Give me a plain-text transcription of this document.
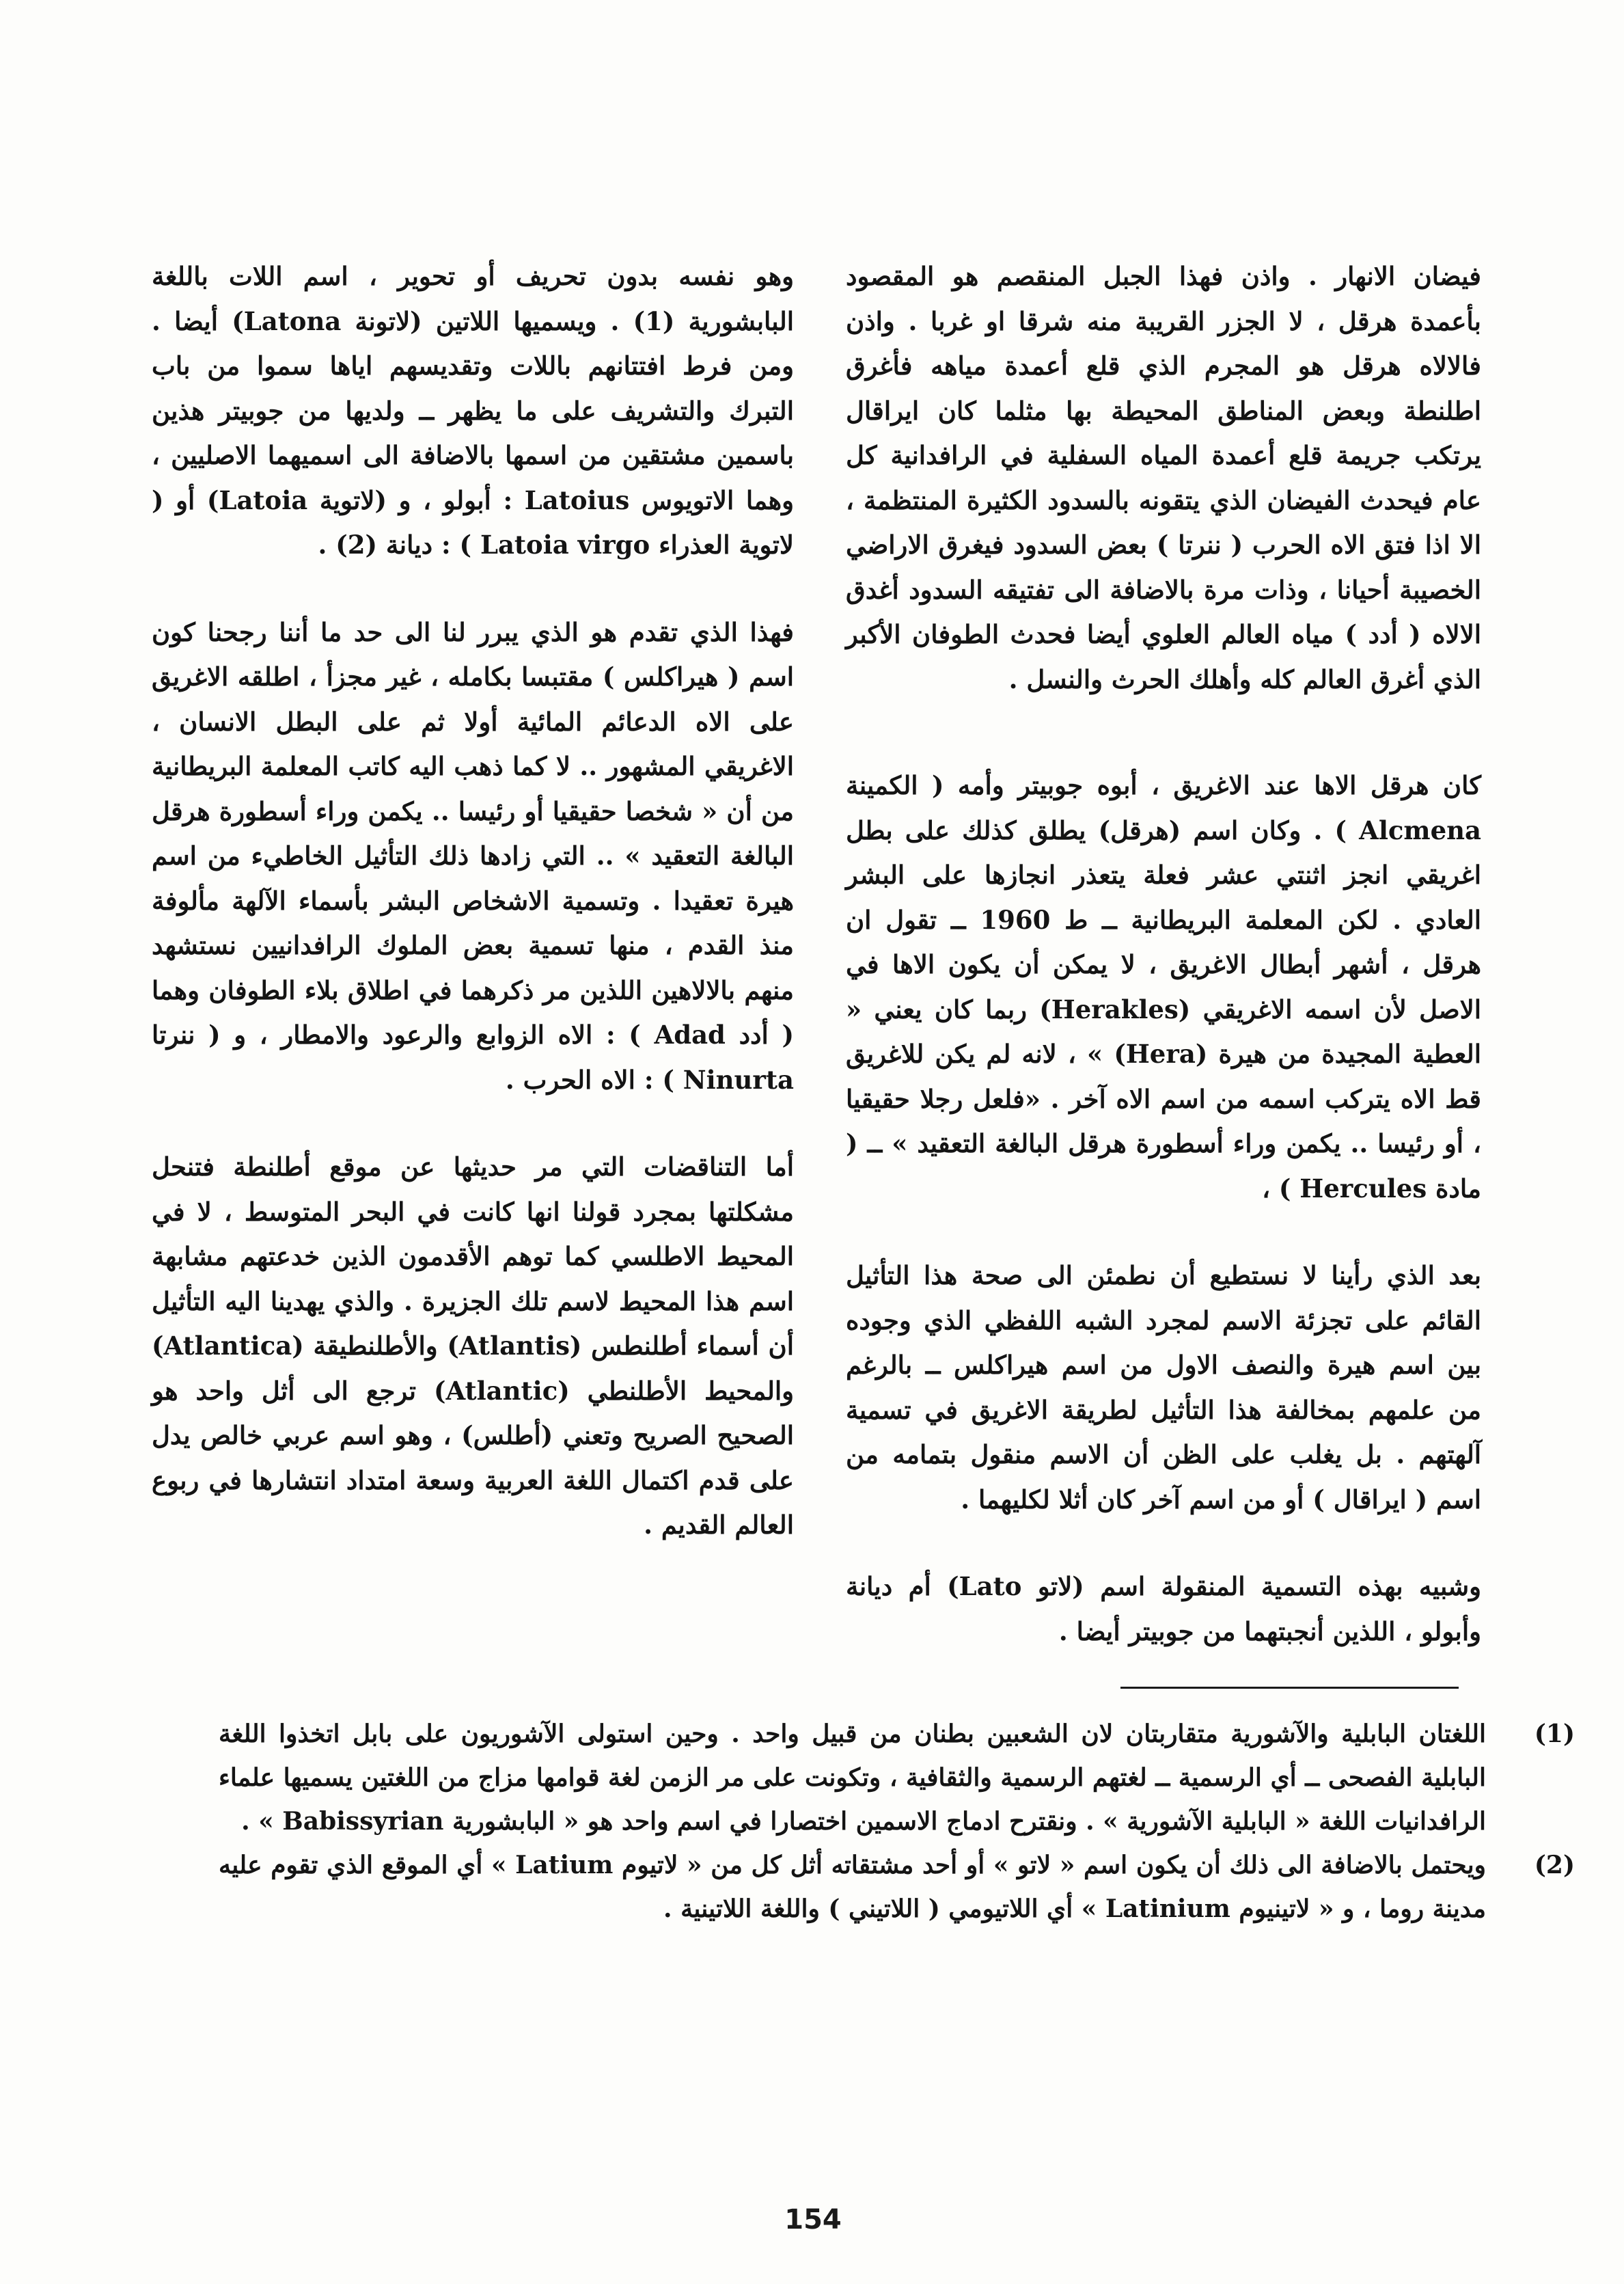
فيضان الانهار . واذن فهذا الجبل المنقصم هو المقصود بأعمدة هرقل ، لا الجزر القريبة منه شرقا او غربا . واذن فالالاه هرقل هو المجرم الذي قلع أعمدة مياهه فأغرق اطلنطة وبعض المناطق المحيطة بها مثلما كان ايراقال يرتكب جريمة قلع أعمدة المياه السفلية في الرافدانية كل عام فيحدث الفيضان الذي يتقونه بالسدود الكثيرة المنتظمة ، الا اذا فتق الاه الحرب ( ننرتا ) بعض السدود فيغرق الاراضي الخصيبة أحيانا ، وذات مرة بالاضافة الى تفتيقه السدود أغدق الالاه ( أدد ) مياه العالم العلوي أيضا فحدث الطوفان الأكبر الذي أغرق العالم كله وأهلك الحرث والنسل .

كان هرقل الاها عند الاغريق ، أبوه جوبيتر وأمه ( الكمينة Alcmena ) . وكان اسم (هرقل) يطلق كذلك على بطل اغريقي انجز اثنتي عشر فعلة يتعذر انجازها على البشر العادي . لكن المعلمة البريطانية ــ ط 1960 ــ تقول ان هرقل ، أشهر أبطال الاغريق ، لا يمكن أن يكون الاها في الاصل لأن اسمه الاغريقي (Herakles) ربما كان يعني « العطية المجيدة من هيرة (Hera) » ، لانه لم يكن للاغريق قط الاه يتركب اسمه من اسم الاه آخر . «فلعل رجلا حقيقيا ، أو رئيسا .. يكمن وراء أسطورة هرقل البالغة التعقيد » ــ ( مادة Hercules ) ،

بعد الذي رأينا لا نستطيع أن نطمئن الى صحة هذا التأثيل القائم على تجزئة الاسم لمجرد الشبه اللفظي الذي وجوده بين اسم هيرة والنصف الاول من اسم هيراكلس ــ بالرغم من علمهم بمخالفة هذا التأثيل لطريقة الاغريق في تسمية آلهتهم . بل يغلب على الظن أن الاسم منقول بتمامه من اسم ( ايراقال ) أو من اسم آخر كان أثلا لكليهما .

وشبيه بهذه التسمية المنقولة اسم (لاتو Lato) أم ديانة وأبولو ، اللذين أنجبتهما من جوبيتر أيضا .

وهو نفسه بدون تحريف أو تحوير ، اسم اللات باللغة البابشورية (1) . ويسميها اللاتين (لاتونة Latona) أيضا . ومن فرط افتتانهم باللات وتقديسهم اياها سموا من باب التبرك والتشريف على ما يظهر ــ ولديها من جوبيتر هذين باسمين مشتقين من اسمها بالاضافة الى اسميهما الاصليين ، وهما الاتويوس Latoius : أبولو ، و (لاتوية Latoia) أو ( لاتوية العذراء Latoia virgo ) : ديانة (2) .

فهذا الذي تقدم هو الذي يبرر لنا الى حد ما أننا رجحنا كون اسم ( هيراكلس ) مقتبسا بكامله ، غير مجزأ ، اطلقه الاغريق على الاه الدعائم المائية أولا ثم على البطل الانسان ، الاغريقي المشهور .. لا كما ذهب اليه كاتب المعلمة البريطانية من أن « شخصا حقيقيا أو رئيسا .. يكمن وراء أسطورة هرقل البالغة التعقيد » .. التي زادها ذلك التأثيل الخاطيء من اسم هيرة تعقيدا . وتسمية الاشخاص البشر بأسماء الآلهة مألوفة منذ القدم ، منها تسمية بعض الملوك الرافدانيين نستشهد منهم بالالاهين اللذين مر ذكرهما في اطلاق بلاء الطوفان وهما ( أدد Adad ) : الاه الزوابع والرعود والامطار ، و ( ننرتا Ninurta ) : الاه الحرب .

أما التناقضات التي مر حديثها عن موقع أطلنطة فتنحل مشكلتها بمجرد قولنا انها كانت في البحر المتوسط ، لا في المحيط الاطلسي كما توهم الأقدمون الذين خدعتهم مشابهة اسم هذا المحيط لاسم تلك الجزيرة . والذي يهدينا اليه التأثيل أن أسماء أطلنطس (Atlantis) والأطلنطيقة (Atlantica) والمحيط الأطلنطي (Atlantic) ترجع الى أثل واحد هو الصحيح الصريح وتعني (أطلس) ، وهو اسم عربي خالص يدل على قدم اكتمال اللغة العربية وسعة امتداد انتشارها في ربوع العالم القديم .

(1)

اللغتان البابلية والآشورية متقاربتان لان الشعبين بطنان من قبيل واحد . وحين استولى الآشوريون على بابل اتخذوا اللغة البابلية الفصحى ــ أي الرسمية ــ لغتهم الرسمية والثقافية ، وتكونت على مر الزمن لغة قوامها مزاج من اللغتين يسميها علماء الرافدانيات اللغة « البابلية الآشورية » . ونقترح ادماج الاسمين اختصارا في اسم واحد هو « البابشورية Babissyrian » .

(2)

ويحتمل بالاضافة الى ذلك أن يكون اسم « لاتو » أو أحد مشتقاته أثل كل من « لاتيوم Latium » أي الموقع الذي تقوم عليه مدينة روما ، و « لاتينيوم Latinium » أي اللاتيومي ( اللاتيني ) واللغة اللاتينية .

154
